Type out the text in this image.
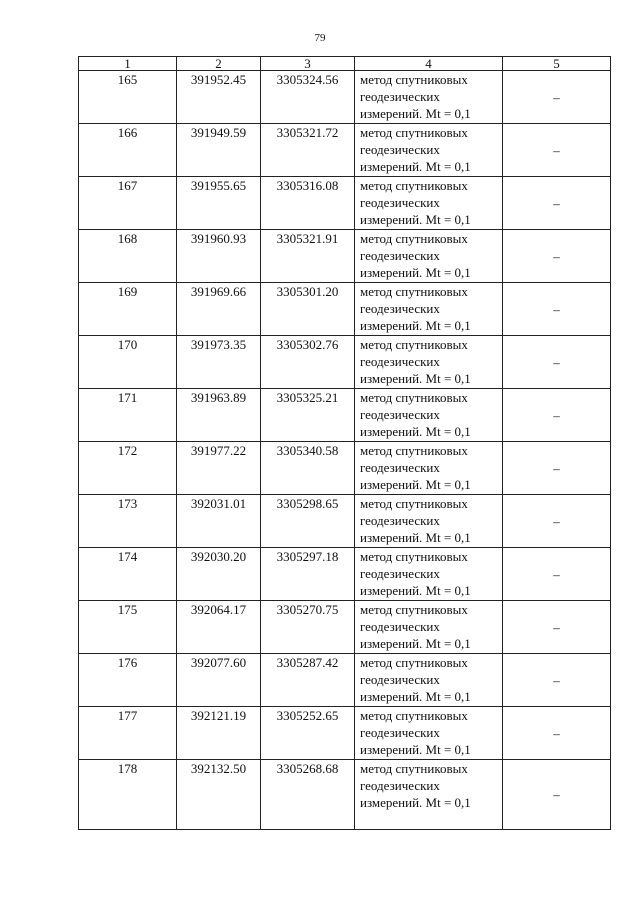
79
1	2	3	4	5
165	391952.45	3305324.56	метод спутниковых
геодезических
измерений. Mt = 0,1	–
166	391949.59	3305321.72	метод спутниковых
геодезических
измерений. Mt = 0,1	–
167	391955.65	3305316.08	метод спутниковых
геодезических
измерений. Mt = 0,1	–
168	391960.93	3305321.91	метод спутниковых
геодезических
измерений. Mt = 0,1	–
169	391969.66	3305301.20	метод спутниковых
геодезических
измерений. Mt = 0,1	–
170	391973.35	3305302.76	метод спутниковых
геодезических
измерений. Mt = 0,1	–
171	391963.89	3305325.21	метод спутниковых
геодезических
измерений. Mt = 0,1	–
172	391977.22	3305340.58	метод спутниковых
геодезических
измерений. Mt = 0,1	–
173	392031.01	3305298.65	метод спутниковых
геодезических
измерений. Mt = 0,1	–
174	392030.20	3305297.18	метод спутниковых
геодезических
измерений. Mt = 0,1	–
175	392064.17	3305270.75	метод спутниковых
геодезических
измерений. Mt = 0,1	–
176	392077.60	3305287.42	метод спутниковых
геодезических
измерений. Mt = 0,1	–
177	392121.19	3305252.65	метод спутниковых
геодезических
измерений. Mt = 0,1	–
178	392132.50	3305268.68	метод спутниковых
геодезических
измерений. Mt = 0,1	–
